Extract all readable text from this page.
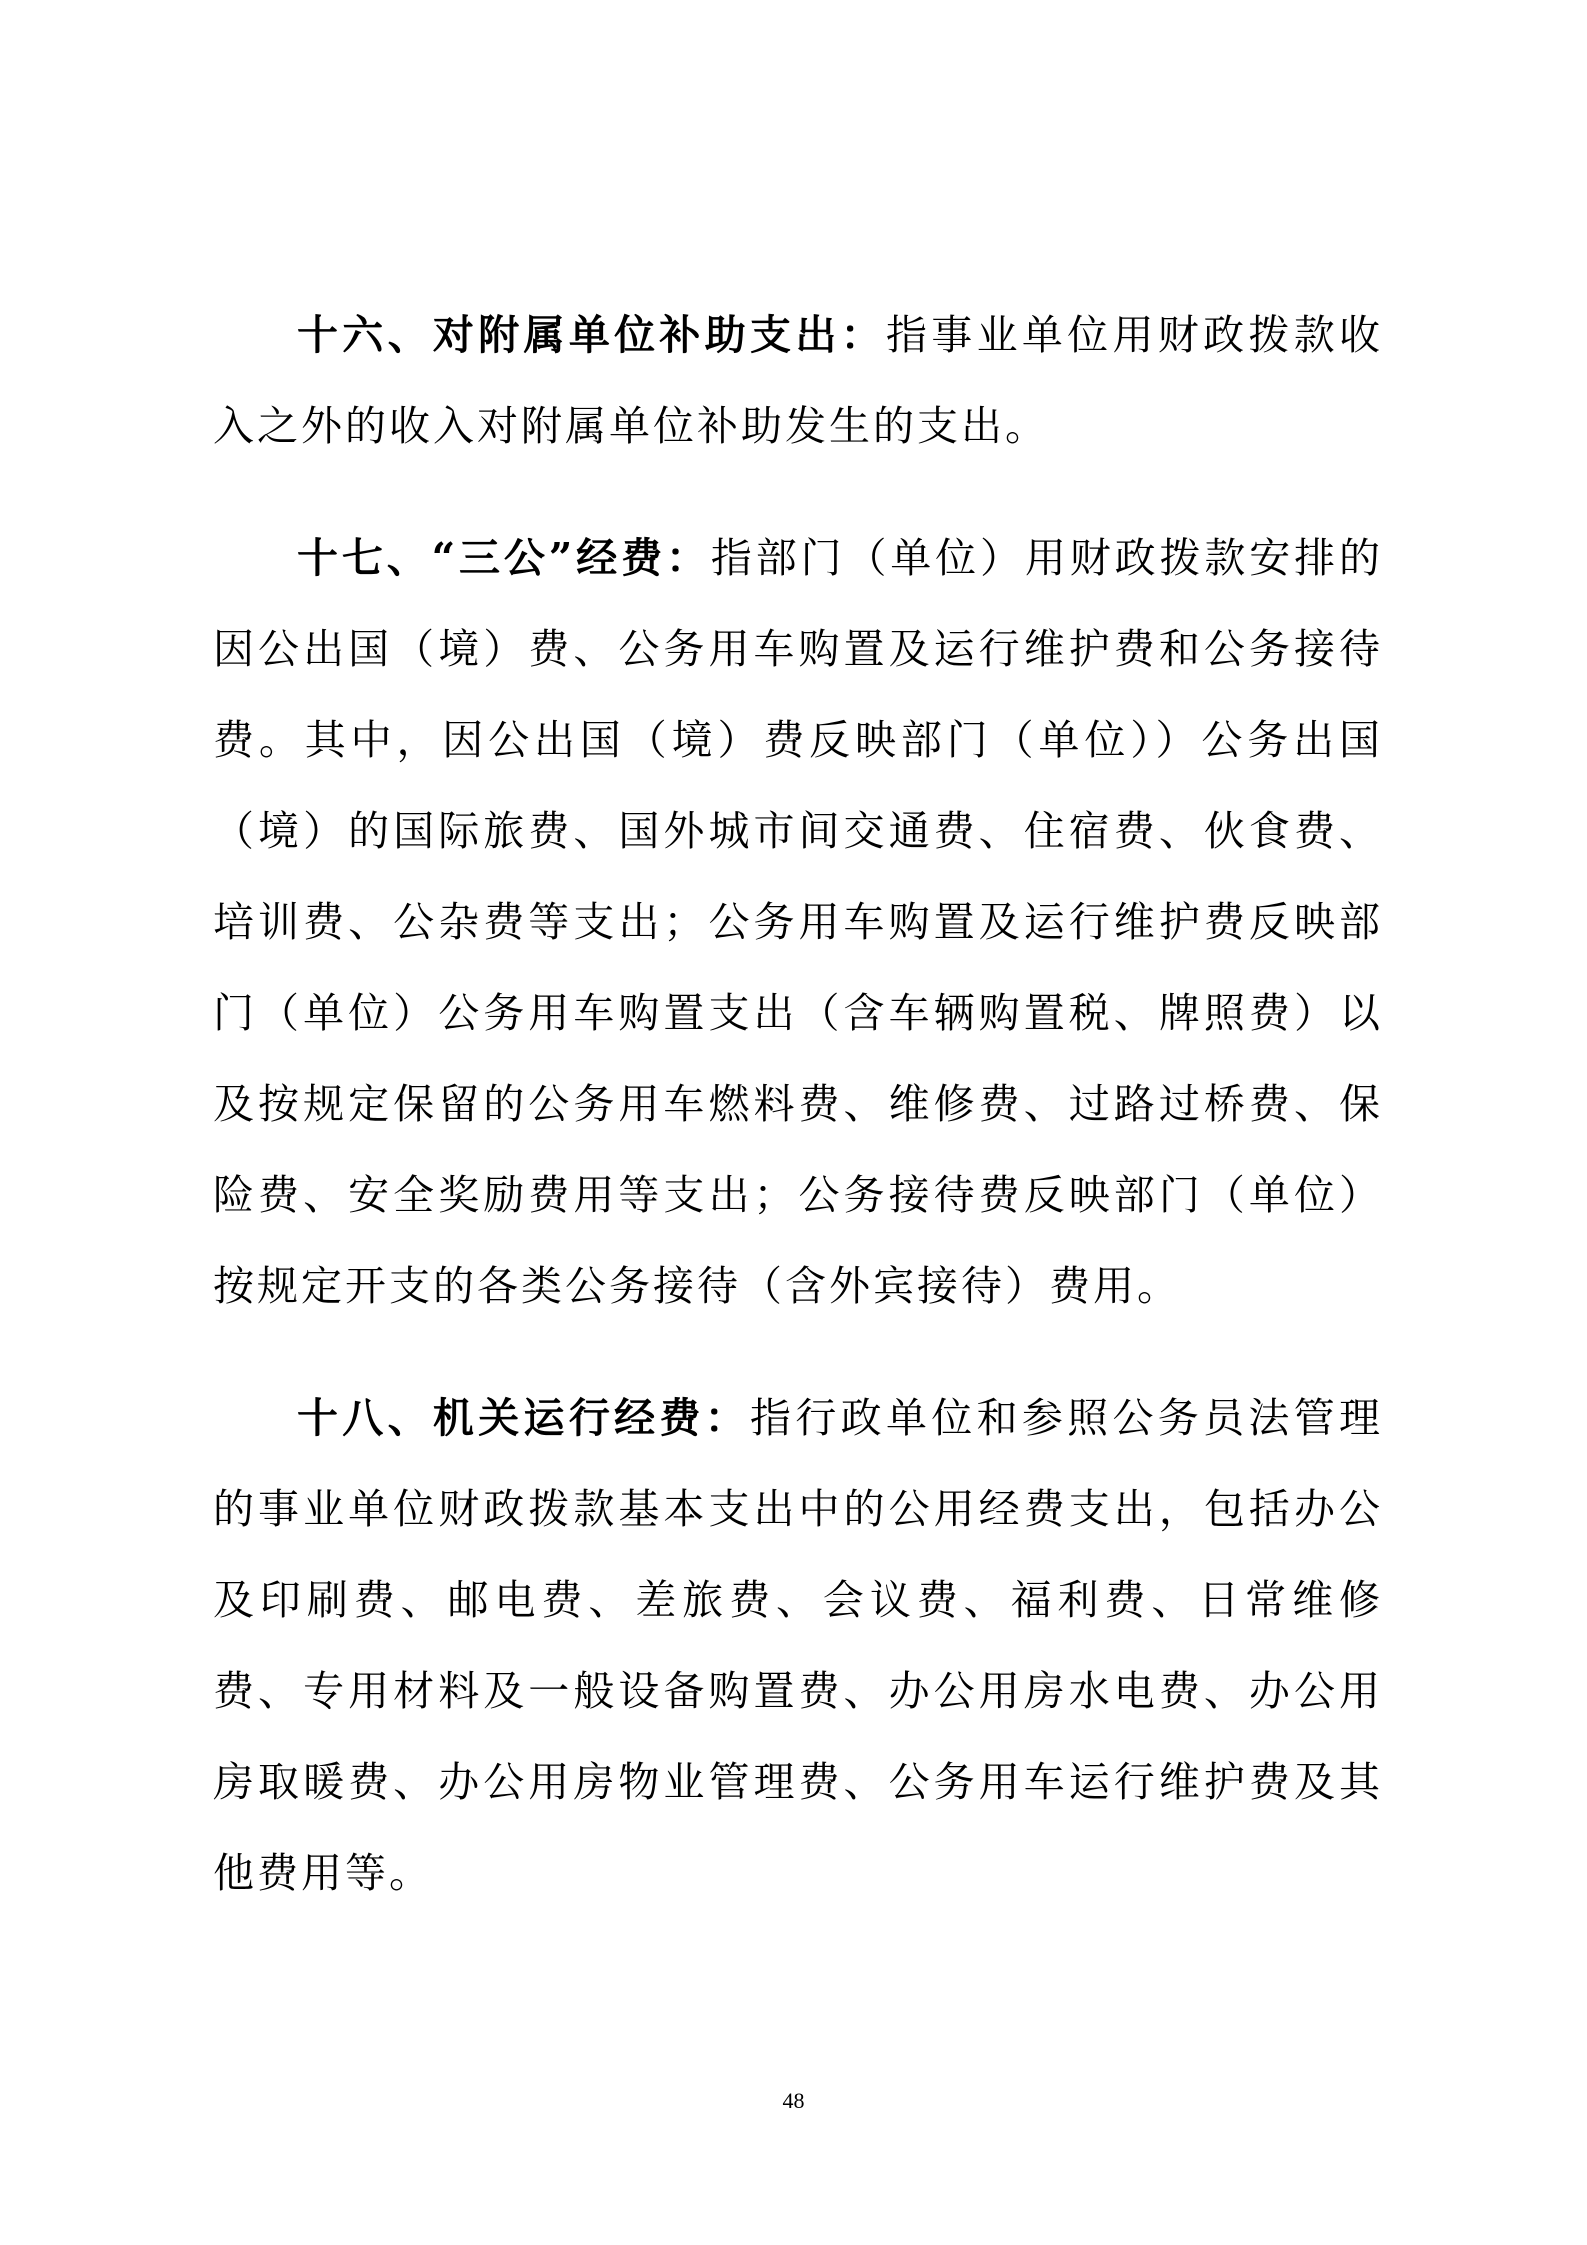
十六、对附属单位补助支出：指事业单位用财政拨款收入之外的收入对附属单位补助发生的支出。

十七、“三公”经费：指部门（单位）用财政拨款安排的因公出国（境）费、公务用车购置及运行维护费和公务接待费。其中，因公出国（境）费反映部门（单位））公务出国（境）的国际旅费、国外城市间交通费、住宿费、伙食费、培训费、公杂费等支出；公务用车购置及运行维护费反映部门（单位）公务用车购置支出（含车辆购置税、牌照费）以及按规定保留的公务用车燃料费、维修费、过路过桥费、保险费、安全奖励费用等支出；公务接待费反映部门（单位）按规定开支的各类公务接待（含外宾接待）费用。

十八、机关运行经费：指行政单位和参照公务员法管理的事业单位财政拨款基本支出中的公用经费支出，包括办公及印刷费、邮电费、差旅费、会议费、福利费、日常维修费、专用材料及一般设备购置费、办公用房水电费、办公用房取暖费、办公用房物业管理费、公务用车运行维护费及其他费用等。

48
